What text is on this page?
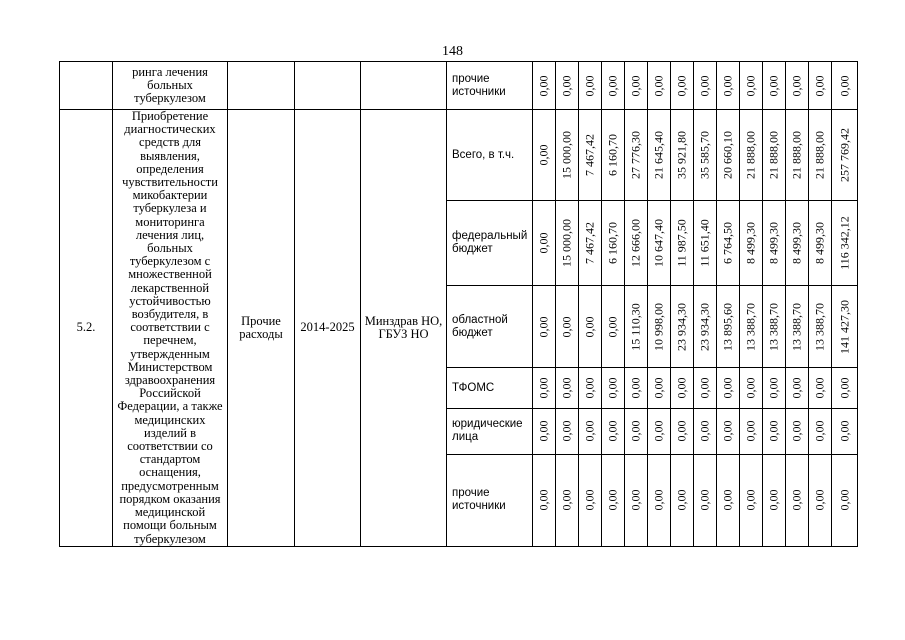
148
	ринга лечения больных туберкулезом				прочие источники	0,00	0,00	0,00	0,00	0,00	0,00	0,00	0,00	0,00	0,00	0,00	0,00	0,00	0,00

5.2.	Приобретение диагностических средств для выявления, определения чувствительности микобактерии туберкулеза и мониторинга лечения лиц, больных туберкулезом с множественной лекарственной устойчивостью возбудителя, в соответствии с перечнем, утвержденным Министерством здравоохранения Российской Федерации, а также медицинских изделий в соответствии со стандартом оснащения, предусмотренным порядком оказания медицинской помощи больным туберкулезом	Прочие расходы	2014-2025	Минздрав НО, ГБУЗ НО	Всего, в т.ч.	0,00	15 000,00	7 467,42	6 160,70	27 776,30	21 645,40	35 921,80	35 585,70	20 660,10	21 888,00	21 888,00	21 888,00	21 888,00	257 769,42

					федеральный бюджет	0,00	15 000,00	7 467,42	6 160,70	12 666,00	10 647,40	11 987,50	11 651,40	6 764,50	8 499,30	8 499,30	8 499,30	8 499,30	116 342,12

					областной бюджет	0,00	0,00	0,00	0,00	15 110,30	10 998,00	23 934,30	23 934,30	13 895,60	13 388,70	13 388,70	13 388,70	13 388,70	141 427,30

					ТФОМС	0,00	0,00	0,00	0,00	0,00	0,00	0,00	0,00	0,00	0,00	0,00	0,00	0,00	0,00

					юридические лица	0,00	0,00	0,00	0,00	0,00	0,00	0,00	0,00	0,00	0,00	0,00	0,00	0,00	0,00

					прочие источники	0,00	0,00	0,00	0,00	0,00	0,00	0,00	0,00	0,00	0,00	0,00	0,00	0,00	0,00
